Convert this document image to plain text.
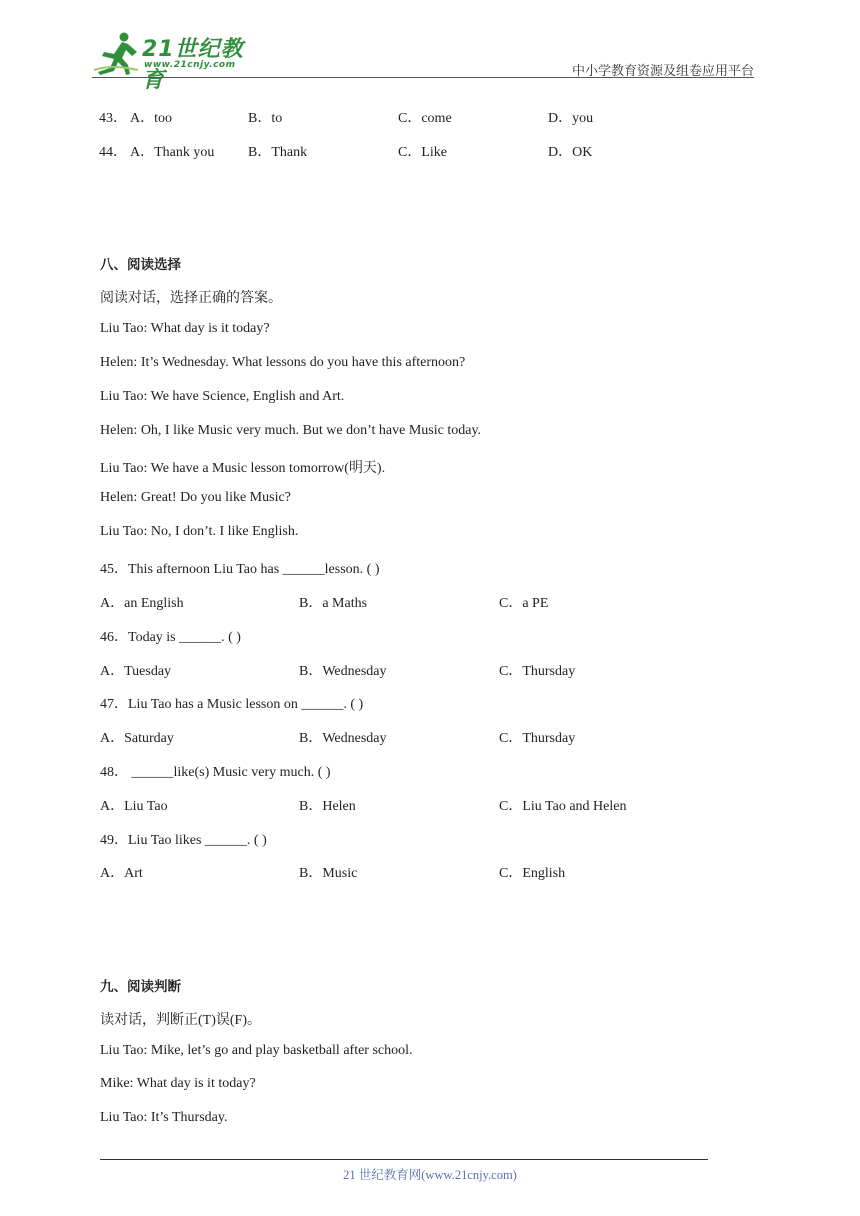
21世纪教育
www.21cnjy.com	中小学教育资源及组卷应用平台
43． A．too	B．to	C．come	D．you
44． A．Thank you B．Thank	C．Like	D．OK
八、阅读选择
阅读对话，选择正确的答案。
Liu Tao: What day is it today?
Helen: It’s Wednesday. What lessons do you have this afternoon?
Liu Tao: We have Science, English and Art.
Helen: Oh, I like Music very much. But we don’t have Music today.
Liu Tao: We have a Music lesson tomorrow(明天).
Helen: Great! Do you like Music?
Liu Tao: No, I don’t. I like English.
45．This afternoon Liu Tao has ______lesson. ( )
A．an English	B．a Maths	C．a PE
46．Today is ______. ( )
A．Tuesday	B．Wednesday	C．Thursday
47．Liu Tao has a Music lesson on ______. ( )
A．Saturday	B．Wednesday	C．Thursday
48． ______like(s) Music very much. ( )
A．Liu Tao	B．Helen	C．Liu Tao and Helen
49．Liu Tao likes ______. ( )
A．Art	B．Music	C．English
九、阅读判断
读对话，判断正(T)误(F)。
Liu Tao: Mike, let’s go and play basketball after school.
Mike: What day is it today?
Liu Tao: It’s Thursday.
21 世纪教育网(www.21cnjy.com)
